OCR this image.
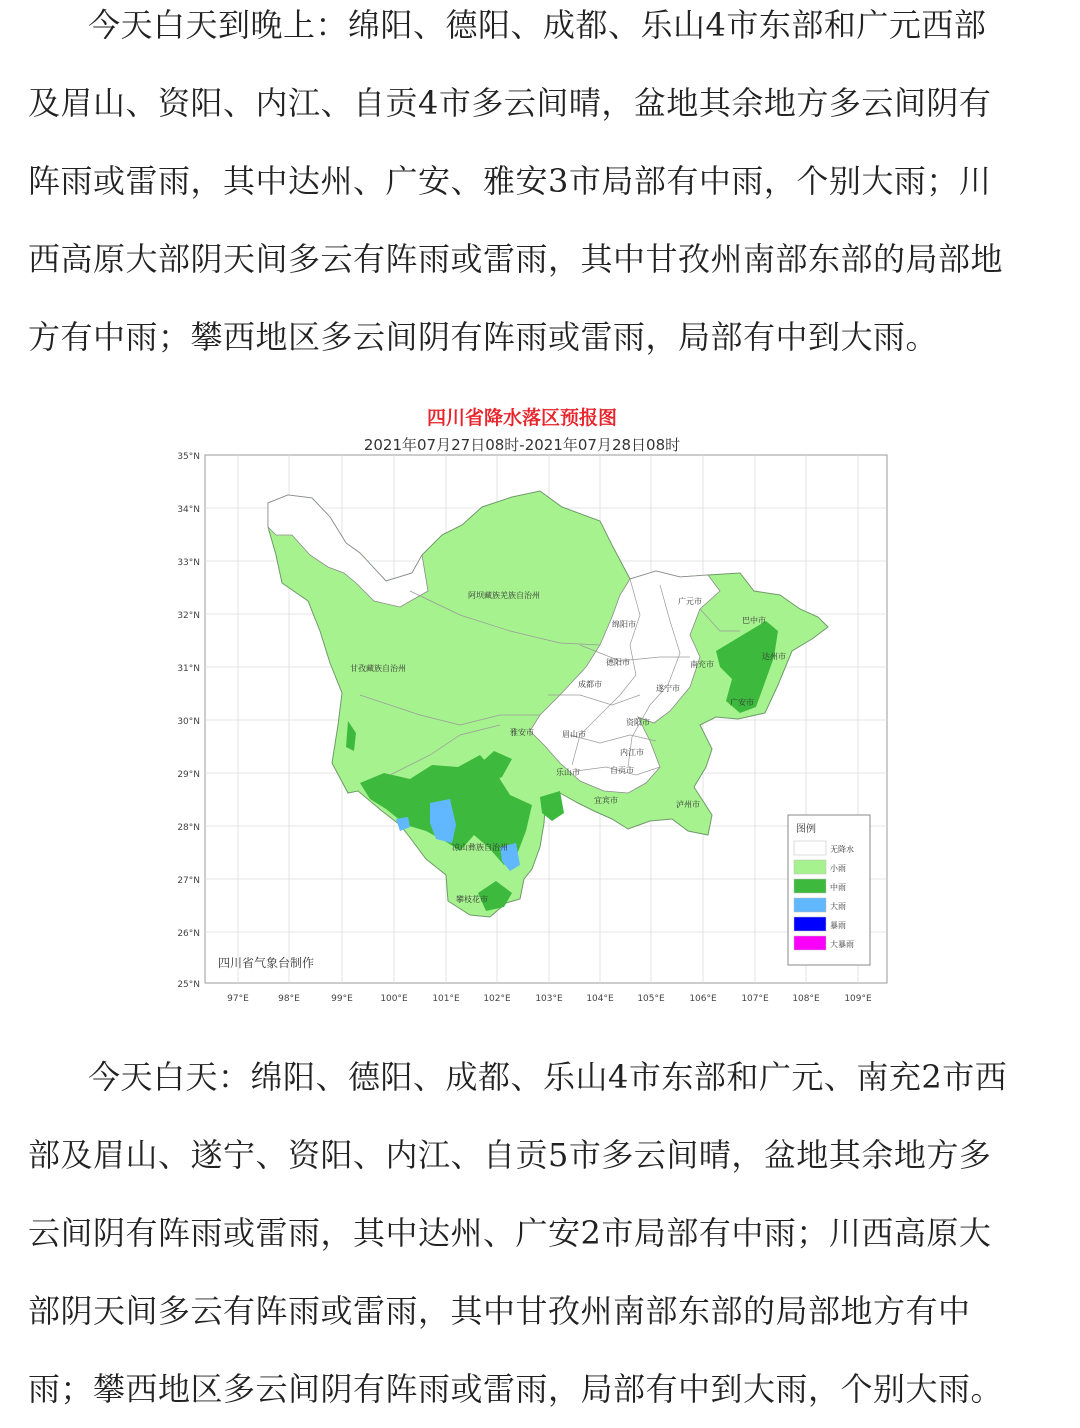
今天白天到晚上：绵阳、德阳、成都、乐山4市东部和广元西部
及眉山、资阳、内江、自贡4市多云间晴，盆地其余地方多云间阴有
阵雨或雷雨，其中达州、广安、雅安3市局部有中雨，个别大雨；川
西高原大部阴天间多云有阵雨或雷雨，其中甘孜州南部东部的局部地
方有中雨；攀西地区多云间阴有阵雨或雷雨，局部有中到大雨。

四川省降水落区预报图
2021年07月27日08时-2021年07月28日08时
35°N
34°N
33°N
32°N
31°N
30°N
29°N
28°N
27°N
26°N
25°N
97°E	98°E	99°E	100°E	101°E	102°E	103°E	104°E	105°E	106°E	107°E	108°E	109°E
阿坝藏族羌族自治州
甘孜藏族自治州
凉山彝族自治州
攀枝花市
广元市
巴中市
绵阳市
达州市
南充市
德阳市
遂宁市
成都市
广安市
雅安市	眉山市
资阳市
内江市
乐山市	自贡市
宜宾市	泸州市
四川省气象台制作
图例
无降水
小雨
中雨
大雨
暴雨
大暴雨

今天白天：绵阳、德阳、成都、乐山4市东部和广元、南充2市西
部及眉山、遂宁、资阳、内江、自贡5市多云间晴，盆地其余地方多
云间阴有阵雨或雷雨，其中达州、广安2市局部有中雨；川西高原大
部阴天间多云有阵雨或雷雨，其中甘孜州南部东部的局部地方有中
雨；攀西地区多云间阴有阵雨或雷雨，局部有中到大雨，个别大雨。
